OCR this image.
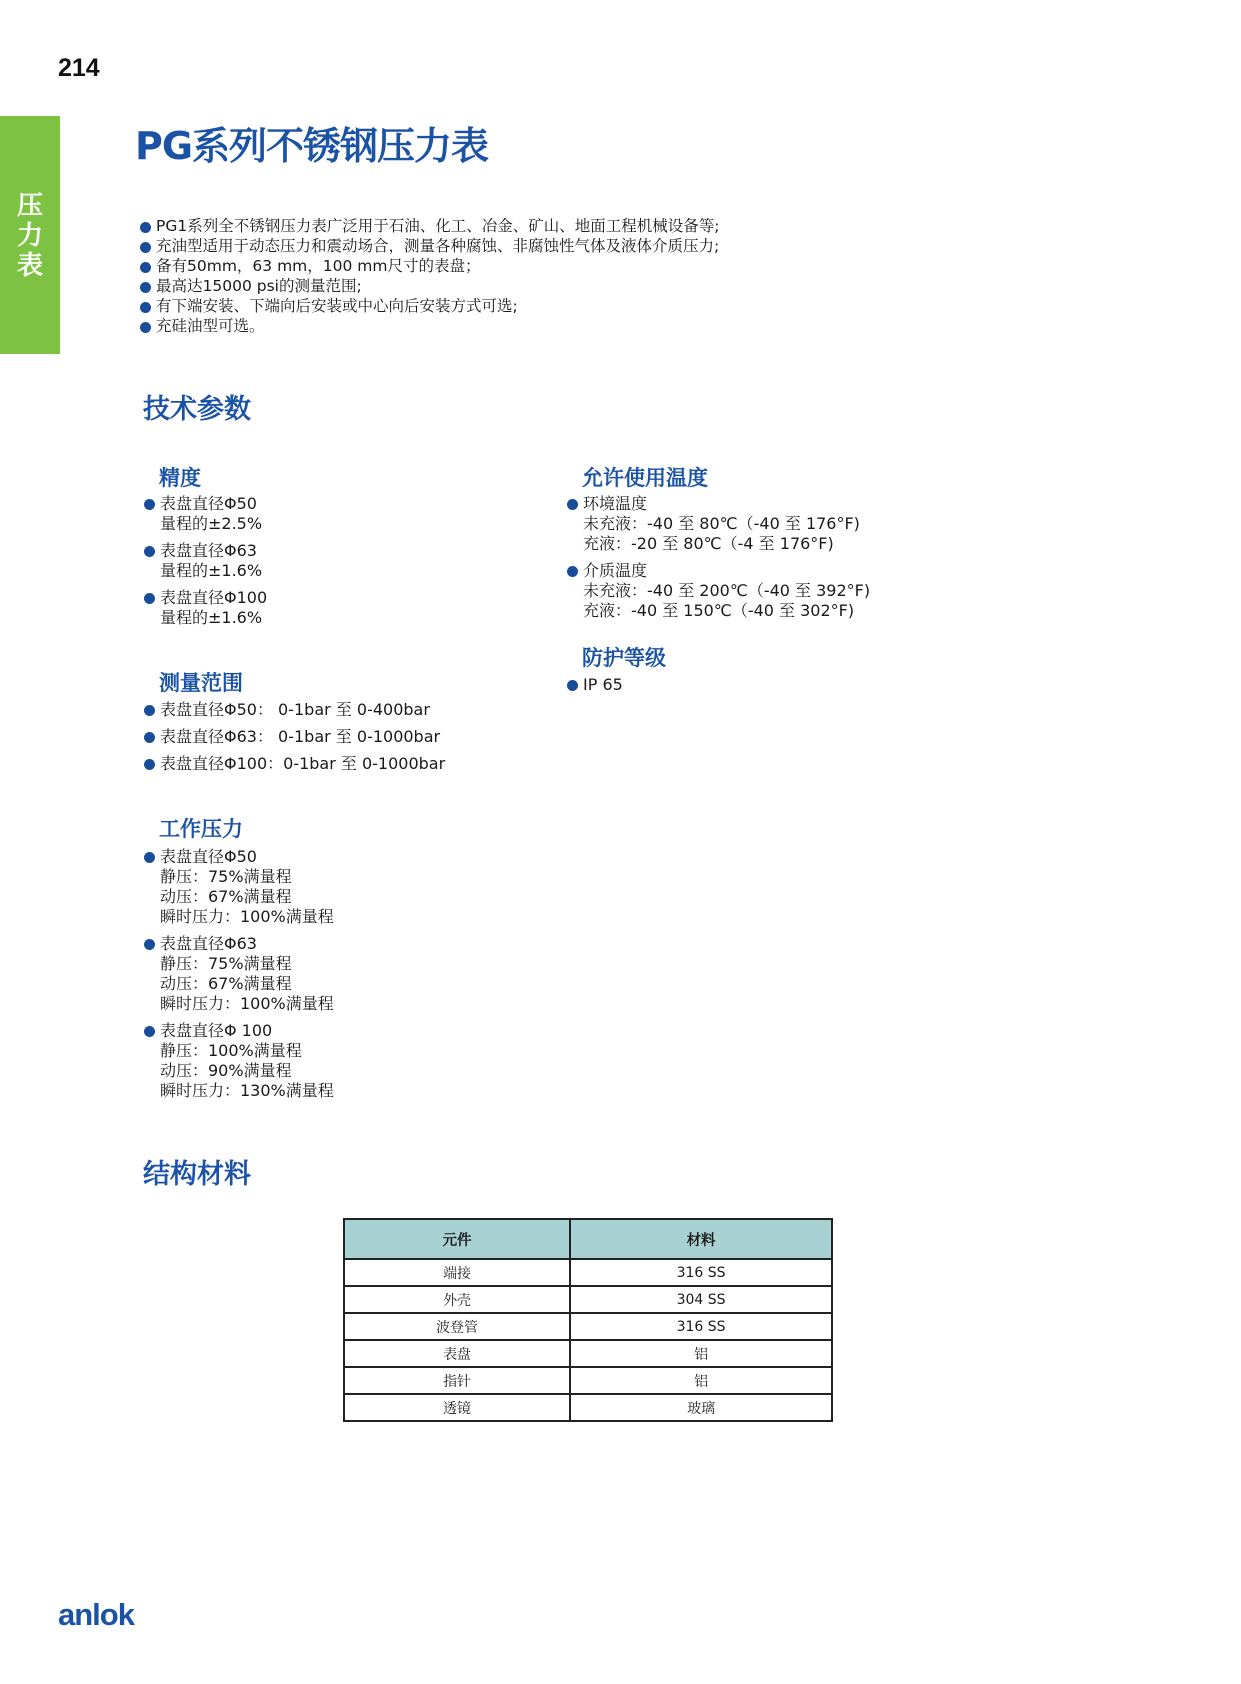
214
压
力
表
PG系列不锈钢压力表
PG1系列全不锈钢压力表广泛用于石油、化工、冶金、矿山、地面工程机械设备等;
充油型适用于动态压力和震动场合，测量各种腐蚀、非腐蚀性气体及液体介质压力;
备有50mm，63 mm，100 mm尺寸的表盘；
最高达15000 psi的测量范围;
有下端安装、下端向后安装或中心向后安装方式可选;
充硅油型可选。
技术参数
精度
表盘直径Φ50
量程的±2.5%
表盘直径Φ63
量程的±1.6%
表盘直径Φ100
量程的±1.6%
测量范围
表盘直径Φ50： 0-1bar 至 0-400bar
表盘直径Φ63： 0-1bar 至 0-1000bar
表盘直径Φ100：0-1bar 至 0-1000bar
工作压力
表盘直径Φ50
静压：75%满量程
动压：67%满量程
瞬时压力：100%满量程
表盘直径Φ63
静压：75%满量程
动压：67%满量程
瞬时压力：100%满量程
表盘直径Φ 100
静压：100%满量程
动压：90%满量程
瞬时压力：130%满量程
允许使用温度
环境温度
未充液：-40 至 80℃（-40 至 176°F)
充液：-20 至 80℃（-4 至 176°F)
介质温度
未充液：-40 至 200℃（-40 至 392°F)
充液：-40 至 150℃（-40 至 302°F)
防护等级
IP 65
结构材料
元件	材料
端接	316 SS
外壳	304 SS
波登管	316 SS
表盘	铝
指针	铝
透镜	玻璃
anlok
